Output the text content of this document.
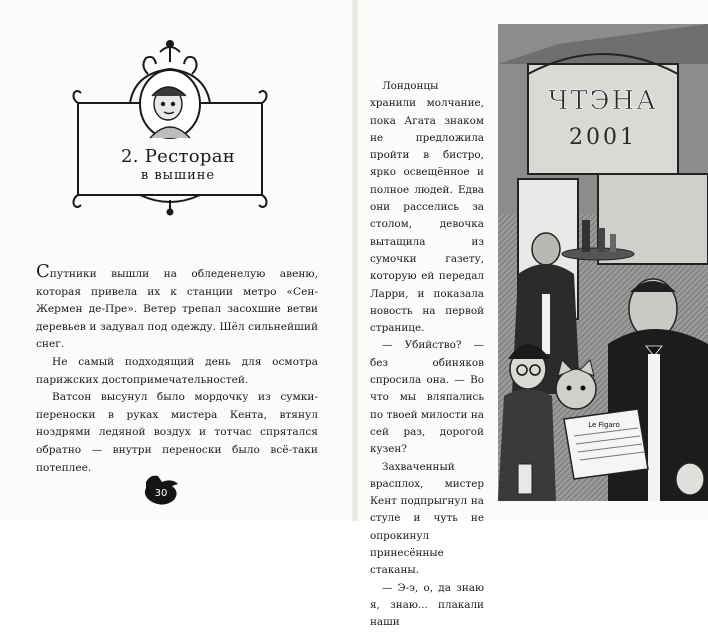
2. Ресторан
в вышине

Спутники вышли на обледенелую авеню, которая привела их к станции метро «Сен-Жермен де-Пре». Ветер трепал засохшие ветви деревьев и задувал под одежду. Шёл сильнейший снег.

Не самый подходящий день для осмотра парижских достопримечательностей.

Ватсон высунул было мордочку из сумки-переноски в руках мистера Кента, втянул ноздрями ледяной воздух и тотчас спрятался обратно — внутри переноски было всё-таки потеплее.

30

Лондонцы хранили молчание, пока Агата знаком не предложила пройти в бистро, ярко освещённое и полное людей. Едва они расселись за столом, девочка вытащила из сумочки газету, которую ей передал Ларри, и показала новость на первой странице.

— Убийство? — без обиняков спросила она. — Во что мы вляпались по твоей милости на сей раз, дорогой кузен?

Захваченный врасплох, мистер Кент подпрыгнул на стуле и чуть не опрокинул принесённые стаканы.

— Э-э, о, да знаю я, знаю... плакали наши

ЧТЭНА
2001
Le Figaro
